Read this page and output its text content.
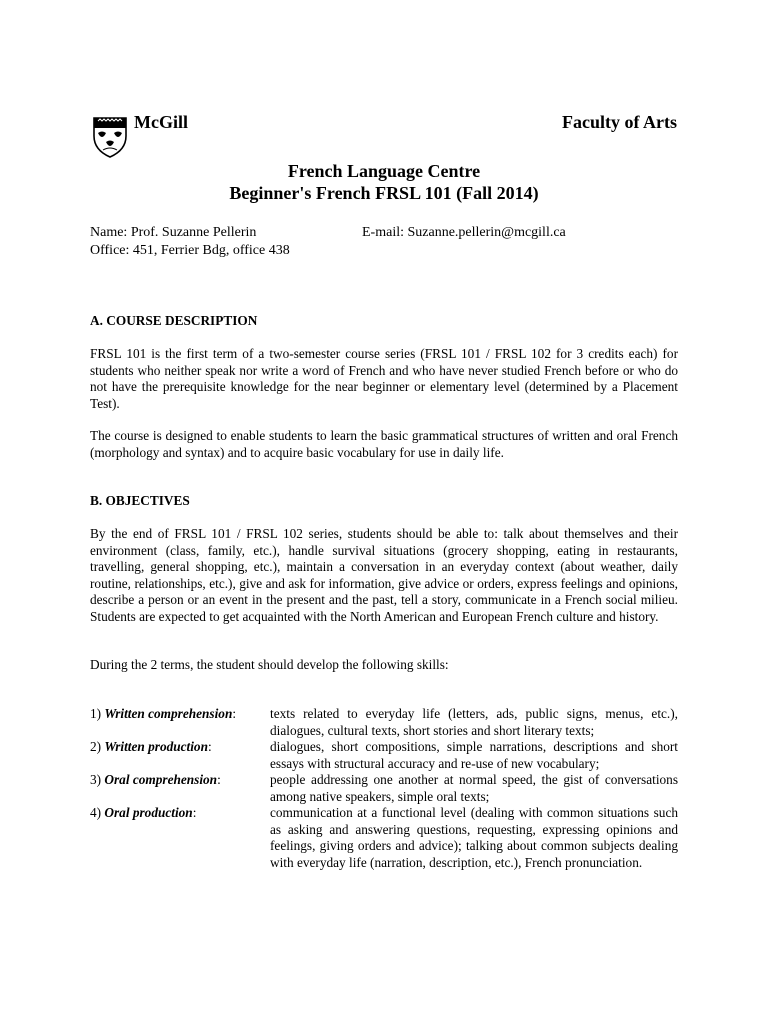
McGill	Faculty of Arts
French Language Centre
Beginner's French FRSL 101 (Fall 2014)
Name: Prof. Suzanne Pellerin
Office: 451, Ferrier Bdg, office 438
E-mail: Suzanne.pellerin@mcgill.ca
A. COURSE DESCRIPTION
FRSL 101 is the first term of a two-semester course series (FRSL 101 / FRSL 102 for 3 credits each) for students who neither speak nor write a word of French and who have never studied French before or who do not have the prerequisite knowledge for the near beginner or elementary level (determined by a Placement Test).
The course is designed to enable students to learn the basic grammatical structures of written and oral French (morphology and syntax) and to acquire basic vocabulary for use in daily life.
B. OBJECTIVES
By the end of FRSL 101 / FRSL 102 series, students should be able to: talk about themselves and their environment (class, family, etc.), handle survival situations (grocery shopping, eating in restaurants, travelling, general shopping, etc.), maintain a conversation in an everyday context (about weather, daily routine, relationships, etc.), give and ask for information, give advice or orders, express feelings and opinions, describe a person or an event in the present and the past, tell a story, communicate in a French social milieu. Students are expected to get acquainted with the North American and European French culture and history.
During the 2 terms, the student should develop the following skills:
1) Written comprehension:	texts related to everyday life (letters, ads, public signs, menus, etc.), dialogues, cultural texts, short stories and short literary texts;
2) Written production:	dialogues, short compositions, simple narrations, descriptions and short essays with structural accuracy and re-use of new vocabulary;
3) Oral comprehension:	people addressing one another at normal speed, the gist of conversations among native speakers, simple oral texts;
4) Oral production:	communication at a functional level (dealing with common situations such as asking and answering questions, requesting, expressing opinions and feelings, giving orders and advice); talking about common subjects dealing with everyday life (narration, description, etc.), French pronunciation.
